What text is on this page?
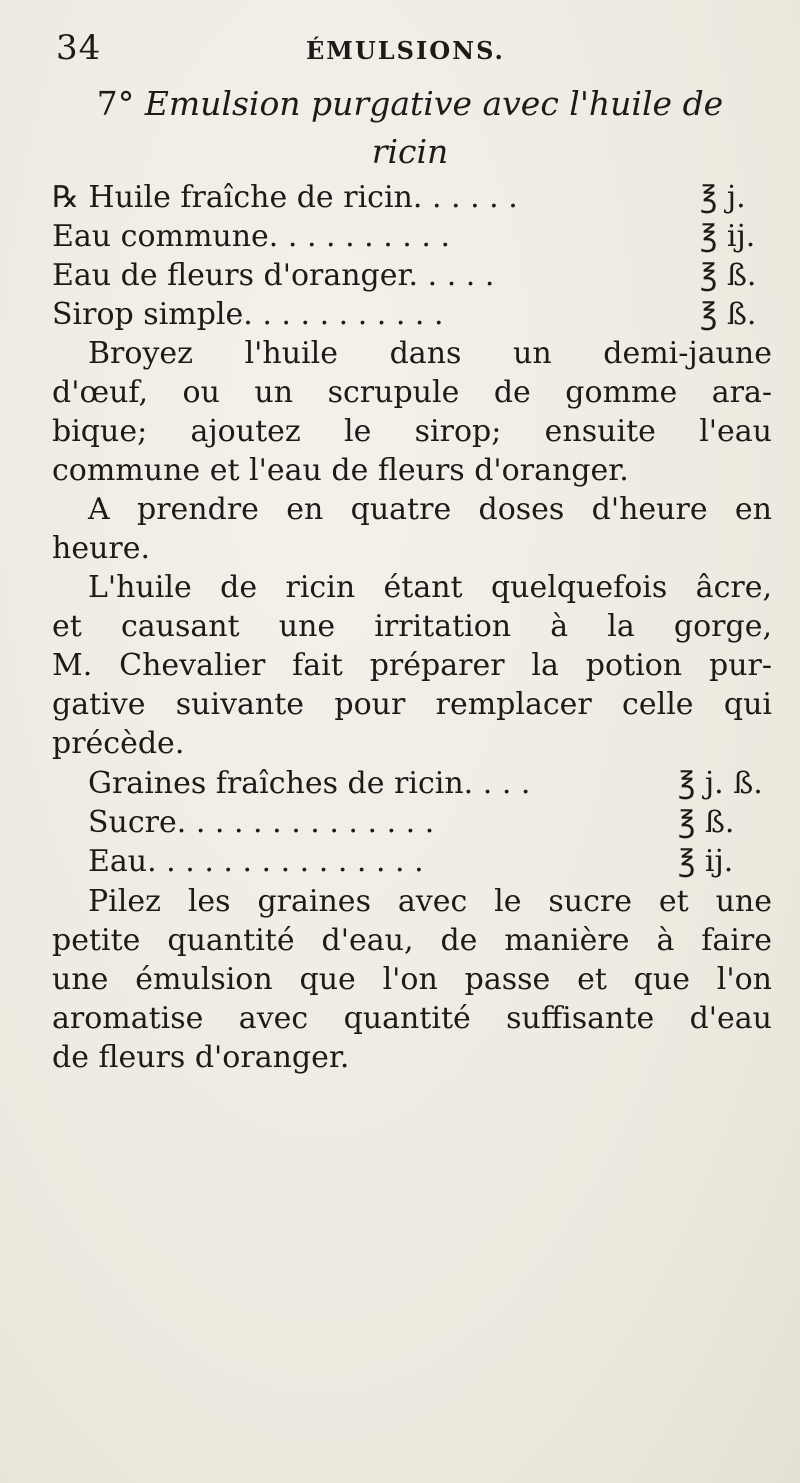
34	ÉMULSIONS.
7° Emulsion purgative avec l'huile de
ricin
℞ Huile fraîche de ricin. . . . . .	℥ j.
Eau commune. . . . . . . . . .	℥ ij.
Eau de fleurs d'oranger. . . . .	℥ ß.
Sirop simple. . . . . . . . . . .	℥ ß.
Broyez l'huile dans un demi-jaune
d'œuf, ou un scrupule de gomme ara-
bique; ajoutez le sirop; ensuite l'eau
commune et l'eau de fleurs d'oranger.
A prendre en quatre doses d'heure en
heure.
L'huile de ricin étant quelquefois âcre,
et causant une irritation à la gorge,
M. Chevalier fait préparer la potion pur-
gative suivante pour remplacer celle qui
précède.
Graines fraîches de ricin. . . .	℥ j. ß.
Sucre. . . . . . . . . . . . . .	℥ ß.
Eau. . . . . . . . . . . . . . .	℥ ij.
Pilez les graines avec le sucre et une
petite quantité d'eau, de manière à faire
une émulsion que l'on passe et que l'on
aromatise avec quantité suffisante d'eau
de fleurs d'oranger.
